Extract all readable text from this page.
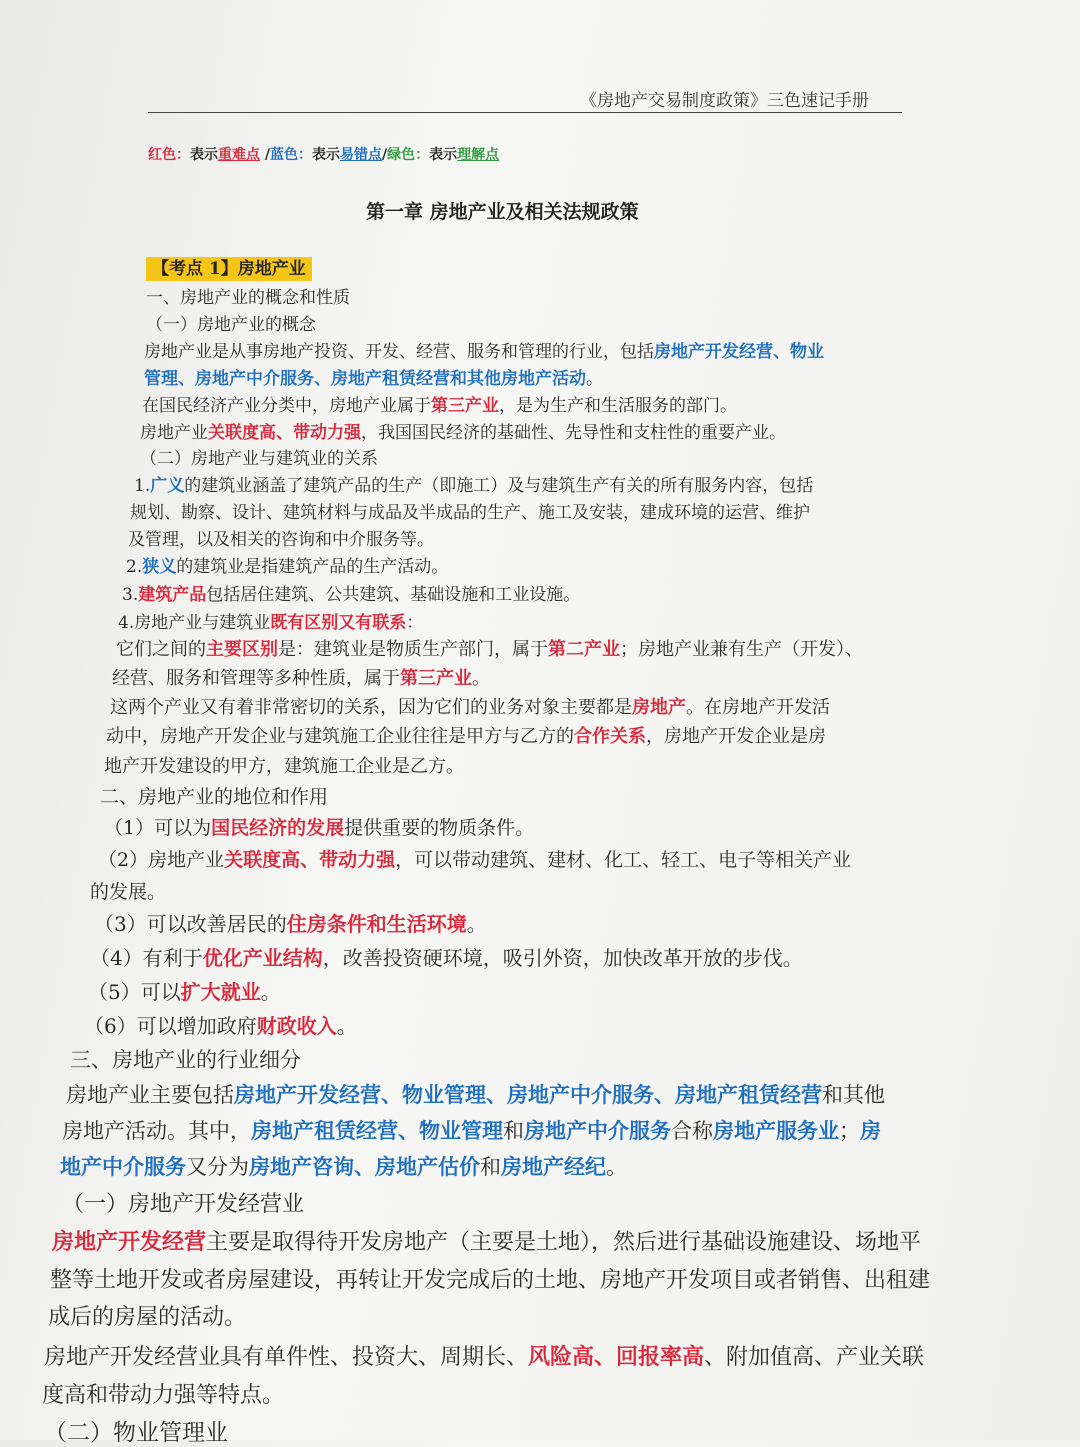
《房地产交易制度政策》三色速记手册
红色：表示重难点 /蓝色：表示易错点/绿色：表示理解点
第一章 房地产业及相关法规政策
【考点 1】房地产业
一、房地产业的概念和性质
（一）房地产业的概念
房地产业是从事房地产投资、开发、经营、服务和管理的行业，包括房地产开发经营、物业
管理、房地产中介服务、房地产租赁经营和其他房地产活动。
在国民经济产业分类中，房地产业属于第三产业，是为生产和生活服务的部门。
房地产业关联度高、带动力强，我国国民经济的基础性、先导性和支柱性的重要产业。
（二）房地产业与建筑业的关系
1.广义的建筑业涵盖了建筑产品的生产（即施工）及与建筑生产有关的所有服务内容，包括
规划、勘察、设计、建筑材料与成品及半成品的生产、施工及安装，建成环境的运营、维护
及管理，以及相关的咨询和中介服务等。
2.狭义的建筑业是指建筑产品的生产活动。
3.建筑产品包括居住建筑、公共建筑、基础设施和工业设施。
4.房地产业与建筑业既有区别又有联系：
它们之间的主要区别是：建筑业是物质生产部门，属于第二产业；房地产业兼有生产（开发）、
经营、服务和管理等多种性质，属于第三产业。
这两个产业又有着非常密切的关系，因为它们的业务对象主要都是房地产。在房地产开发活
动中，房地产开发企业与建筑施工企业往往是甲方与乙方的合作关系，房地产开发企业是房
地产开发建设的甲方，建筑施工企业是乙方。
二、房地产业的地位和作用
（1）可以为国民经济的发展提供重要的物质条件。
（2）房地产业关联度高、带动力强，可以带动建筑、建材、化工、轻工、电子等相关产业
的发展。
（3）可以改善居民的住房条件和生活环境。
（4）有利于优化产业结构，改善投资硬环境，吸引外资，加快改革开放的步伐。
（5）可以扩大就业。
（6）可以增加政府财政收入。
三、房地产业的行业细分
房地产业主要包括房地产开发经营、物业管理、房地产中介服务、房地产租赁经营和其他
房地产活动。其中，房地产租赁经营、物业管理和房地产中介服务合称房地产服务业；房
地产中介服务又分为房地产咨询、房地产估价和房地产经纪。
（一）房地产开发经营业
房地产开发经营主要是取得待开发房地产（主要是土地），然后进行基础设施建设、场地平
整等土地开发或者房屋建设，再转让开发完成后的土地、房地产开发项目或者销售、出租建
成后的房屋的活动。
房地产开发经营业具有单件性、投资大、周期长、风险高、回报率高、附加值高、产业关联
度高和带动力强等特点。
（二）物业管理业
